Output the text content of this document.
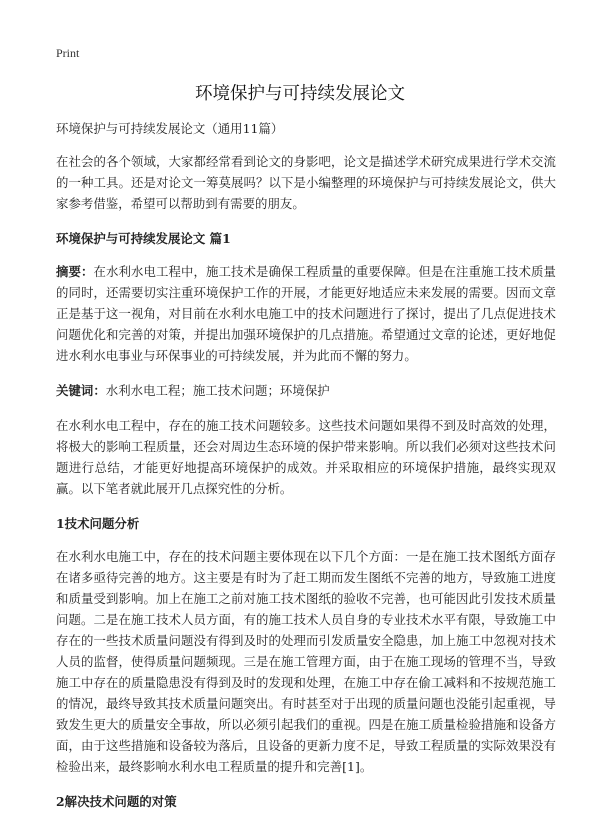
Print
环境保护与可持续发展论文

环境保护与可持续发展论文（通用11篇）

在社会的各个领域，大家都经常看到论文的身影吧，论文是描述学术研究成果进行学术交流的一种工具。还是对论文一筹莫展吗？以下是小编整理的环境保护与可持续发展论文，供大家参考借鉴，希望可以帮助到有需要的朋友。

环境保护与可持续发展论文 篇1

摘要：在水利水电工程中，施工技术是确保工程质量的重要保障。但是在注重施工技术质量的同时，还需要切实注重环境保护工作的开展，才能更好地适应未来发展的需要。因而文章正是基于这一视角，对目前在水利水电施工中的技术问题进行了探讨，提出了几点促进技术问题优化和完善的对策，并提出加强环境保护的几点措施。希望通过文章的论述，更好地促进水利水电事业与环保事业的可持续发展，并为此而不懈的努力。

关键词：水利水电工程；施工技术问题；环境保护

在水利水电工程中，存在的施工技术问题较多。这些技术问题如果得不到及时高效的处理，将极大的影响工程质量，还会对周边生态环境的保护带来影响。所以我们必须对这些技术问题进行总结，才能更好地提高环境保护的成效。并采取相应的环境保护措施，最终实现双赢。以下笔者就此展开几点探究性的分析。

1技术问题分析

在水利水电施工中，存在的技术问题主要体现在以下几个方面：一是在施工技术图纸方面存在诸多亟待完善的地方。这主要是有时为了赶工期而发生图纸不完善的地方，导致施工进度和质量受到影响。加上在施工之前对施工技术图纸的验收不完善，也可能因此引发技术质量问题。二是在施工技术人员方面，有的施工技术人员自身的专业技术水平有限，导致施工中存在的一些技术质量问题没有得到及时的处理而引发质量安全隐患，加上施工中忽视对技术人员的监督，使得质量问题频现。三是在施工管理方面，由于在施工现场的管理不当，导致施工中存在的质量隐患没有得到及时的发现和处理，在施工中存在偷工减料和不按规范施工的情况，最终导致其技术质量问题突出。有时甚至对于出现的质量问题也没能引起重视，导致发生更大的质量安全事故，所以必须引起我们的重视。四是在施工质量检验措施和设备方面，由于这些措施和设备较为落后，且设备的更新力度不足，导致工程质量的实际效果没有检验出来，最终影响水利水电工程质量的提升和完善[1]。

2解决技术问题的对策
